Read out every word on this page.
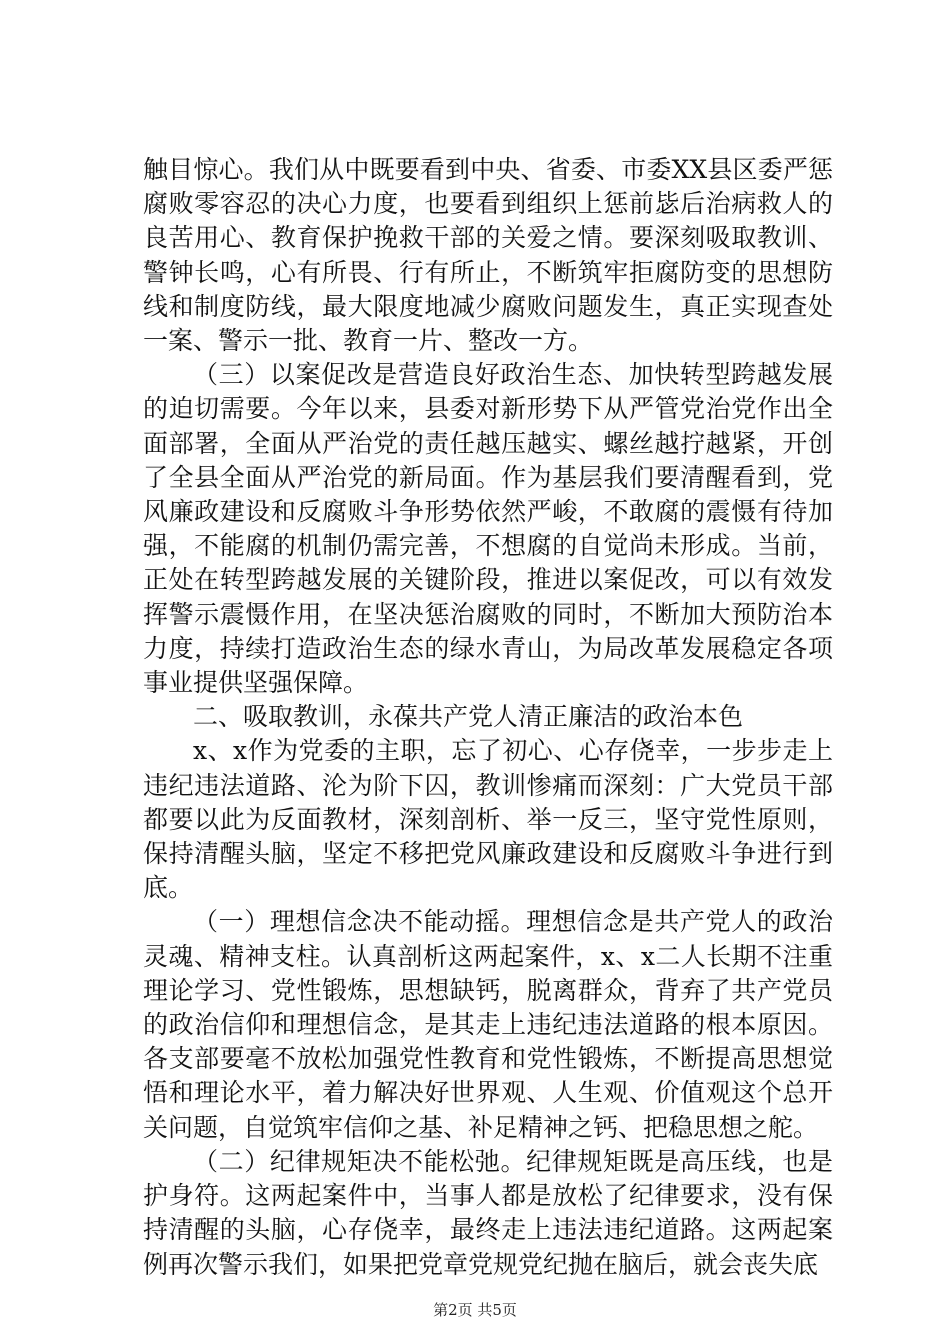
触目惊心。我们从中既要看到中央、省委、市委XX县区委严惩腐败零容忍的决心力度，也要看到组织上惩前毖后治病救人的良苦用心、教育保护挽救干部的关爱之情。要深刻吸取教训、警钟长鸣，心有所畏、行有所止，不断筑牢拒腐防变的思想防线和制度防线，最大限度地减少腐败问题发生，真正实现查处一案、警示一批、教育一片、整改一方。

（三）以案促改是营造良好政治生态、加快转型跨越发展的迫切需要。今年以来，县委对新形势下从严管党治党作出全面部署，全面从严治党的责任越压越实、螺丝越拧越紧，开创了全县全面从严治党的新局面。作为基层我们要清醒看到，党风廉政建设和反腐败斗争形势依然严峻，不敢腐的震慑有待加强，不能腐的机制仍需完善，不想腐的自觉尚未形成。当前，正处在转型跨越发展的关键阶段，推进以案促改，可以有效发挥警示震慑作用，在坚决惩治腐败的同时，不断加大预防治本力度，持续打造政治生态的绿水青山，为局改革发展稳定各项事业提供坚强保障。

二、吸取教训，永葆共产党人清正廉洁的政治本色

x、x作为党委的主职，忘了初心、心存侥幸，一步步走上违纪违法道路、沦为阶下囚，教训惨痛而深刻：广大党员干部都要以此为反面教材，深刻剖析、举一反三，坚守党性原则，保持清醒头脑，坚定不移把党风廉政建设和反腐败斗争进行到底。

（一）理想信念决不能动摇。理想信念是共产党人的政治灵魂、精神支柱。认真剖析这两起案件，x、x二人长期不注重理论学习、党性锻炼，思想缺钙，脱离群众，背弃了共产党员的政治信仰和理想信念，是其走上违纪违法道路的根本原因。各支部要毫不放松加强党性教育和党性锻炼，不断提高思想觉悟和理论水平，着力解决好世界观、人生观、价值观这个总开关问题，自觉筑牢信仰之基、补足精神之钙、把稳思想之舵。

（二）纪律规矩决不能松弛。纪律规矩既是高压线，也是护身符。这两起案件中，当事人都是放松了纪律要求，没有保持清醒的头脑，心存侥幸，最终走上违法违纪道路。这两起案例再次警示我们，如果把党章党规党纪抛在脑后，就会丧失底

第2页 共5页
